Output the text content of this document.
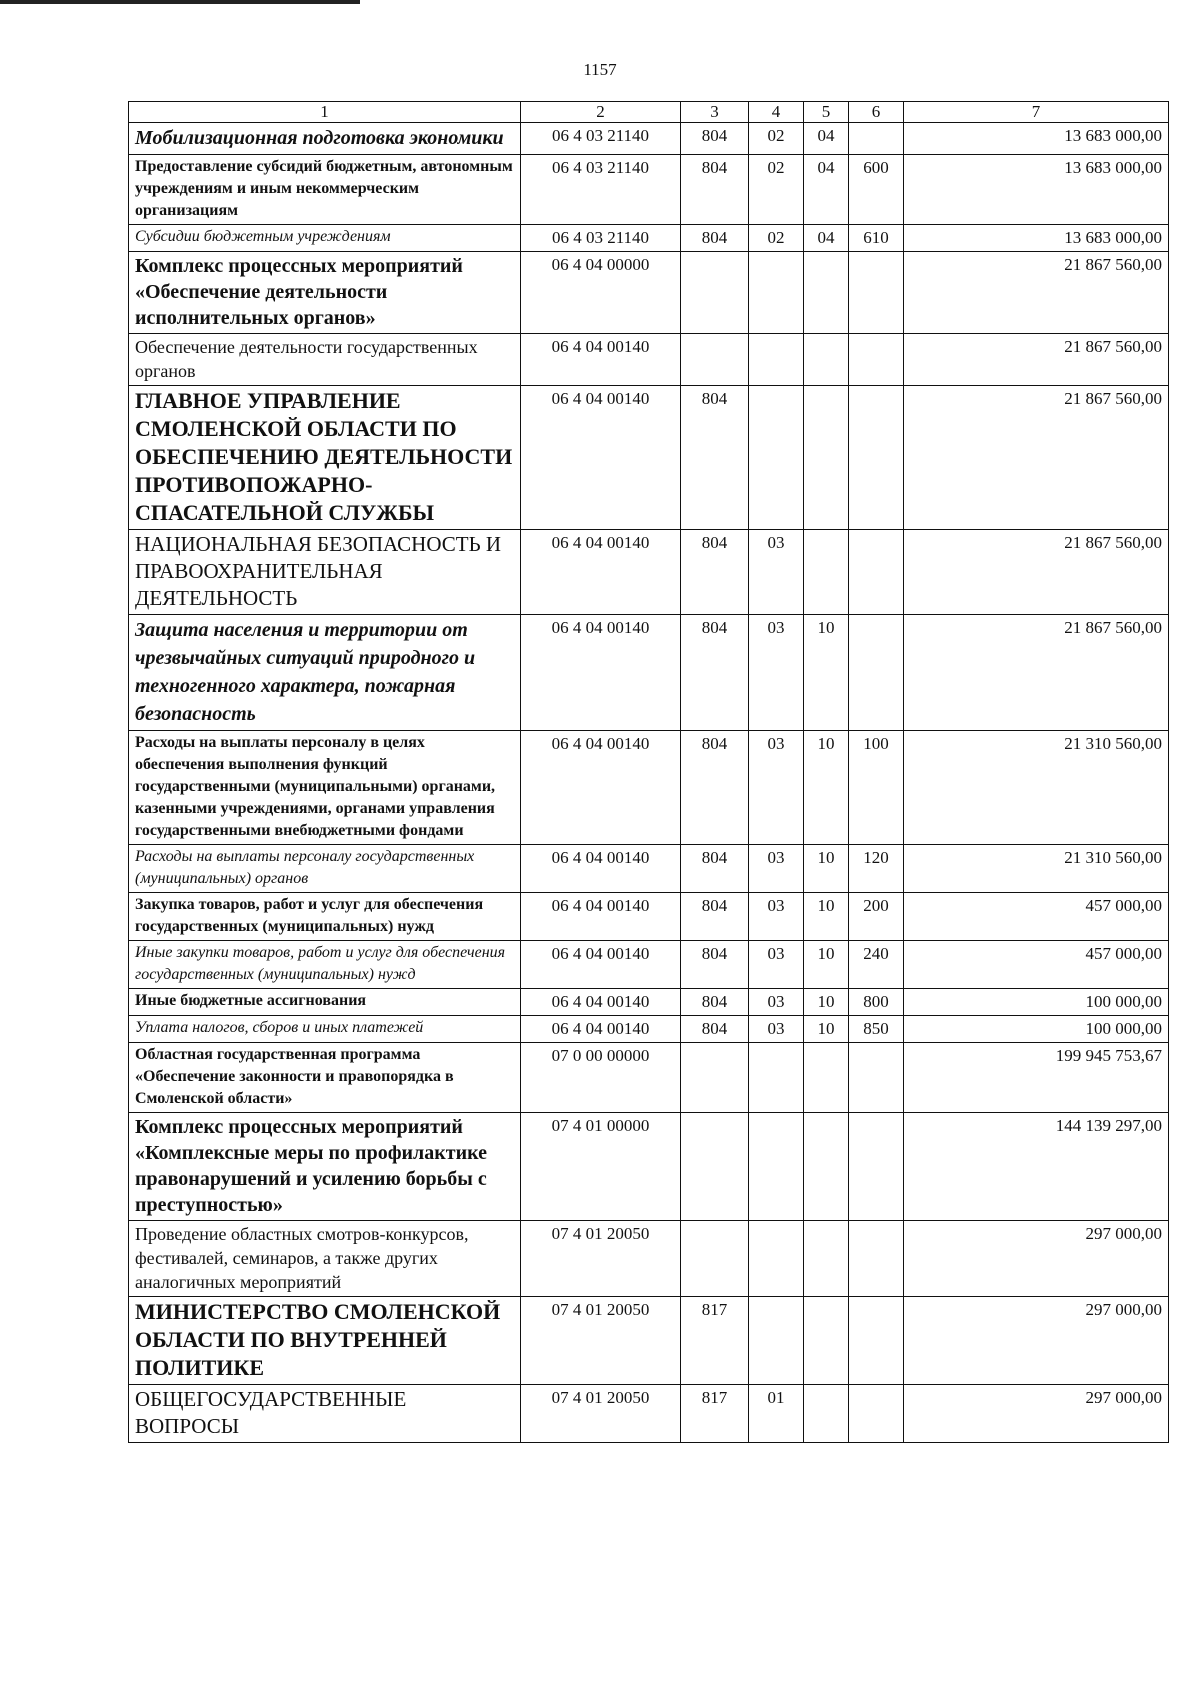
1157
1	2	3	4	5	6	7
Мобилизационная подготовка экономики	06 4 03 21140	804	02	04		13 683 000,00
Предоставление субсидий бюджетным, автономным учреждениям и иным некоммерческим организациям	06 4 03 21140	804	02	04	600	13 683 000,00
Субсидии бюджетным учреждениям	06 4 03 21140	804	02	04	610	13 683 000,00
Комплекс процессных мероприятий «Обеспечение деятельности исполнительных органов»	06 4 04 00000					21 867 560,00
Обеспечение деятельности государственных органов	06 4 04 00140					21 867 560,00
ГЛАВНОЕ УПРАВЛЕНИЕ СМОЛЕНСКОЙ ОБЛАСТИ ПО ОБЕСПЕЧЕНИЮ ДЕЯТЕЛЬНОСТИ ПРОТИВОПОЖАРНО-СПАСАТЕЛЬНОЙ СЛУЖБЫ	06 4 04 00140	804				21 867 560,00
НАЦИОНАЛЬНАЯ БЕЗОПАСНОСТЬ И ПРАВООХРАНИТЕЛЬНАЯ ДЕЯТЕЛЬНОСТЬ	06 4 04 00140	804	03			21 867 560,00
Защита населения и территории от чрезвычайных ситуаций природного и техногенного характера, пожарная безопасность	06 4 04 00140	804	03	10		21 867 560,00
Расходы на выплаты персоналу в целях обеспечения выполнения функций государственными (муниципальными) органами, казенными учреждениями, органами управления государственными внебюджетными фондами	06 4 04 00140	804	03	10	100	21 310 560,00
Расходы на выплаты персоналу государственных (муниципальных) органов	06 4 04 00140	804	03	10	120	21 310 560,00
Закупка товаров, работ и услуг для обеспечения государственных (муниципальных) нужд	06 4 04 00140	804	03	10	200	457 000,00
Иные закупки товаров, работ и услуг для обеспечения государственных (муниципальных) нужд	06 4 04 00140	804	03	10	240	457 000,00
Иные бюджетные ассигнования	06 4 04 00140	804	03	10	800	100 000,00
Уплата налогов, сборов и иных платежей	06 4 04 00140	804	03	10	850	100 000,00
Областная государственная программа «Обеспечение законности и правопорядка в Смоленской области»	07 0 00 00000					199 945 753,67
Комплекс процессных мероприятий «Комплексные меры по профилактике правонарушений и усилению борьбы с преступностью»	07 4 01 00000					144 139 297,00
Проведение областных смотров-конкурсов, фестивалей, семинаров, а также других аналогичных мероприятий	07 4 01 20050					297 000,00
МИНИСТЕРСТВО СМОЛЕНСКОЙ ОБЛАСТИ ПО ВНУТРЕННЕЙ ПОЛИТИКЕ	07 4 01 20050	817				297 000,00
ОБЩЕГОСУДАРСТВЕННЫЕ ВОПРОСЫ	07 4 01 20050	817	01			297 000,00
